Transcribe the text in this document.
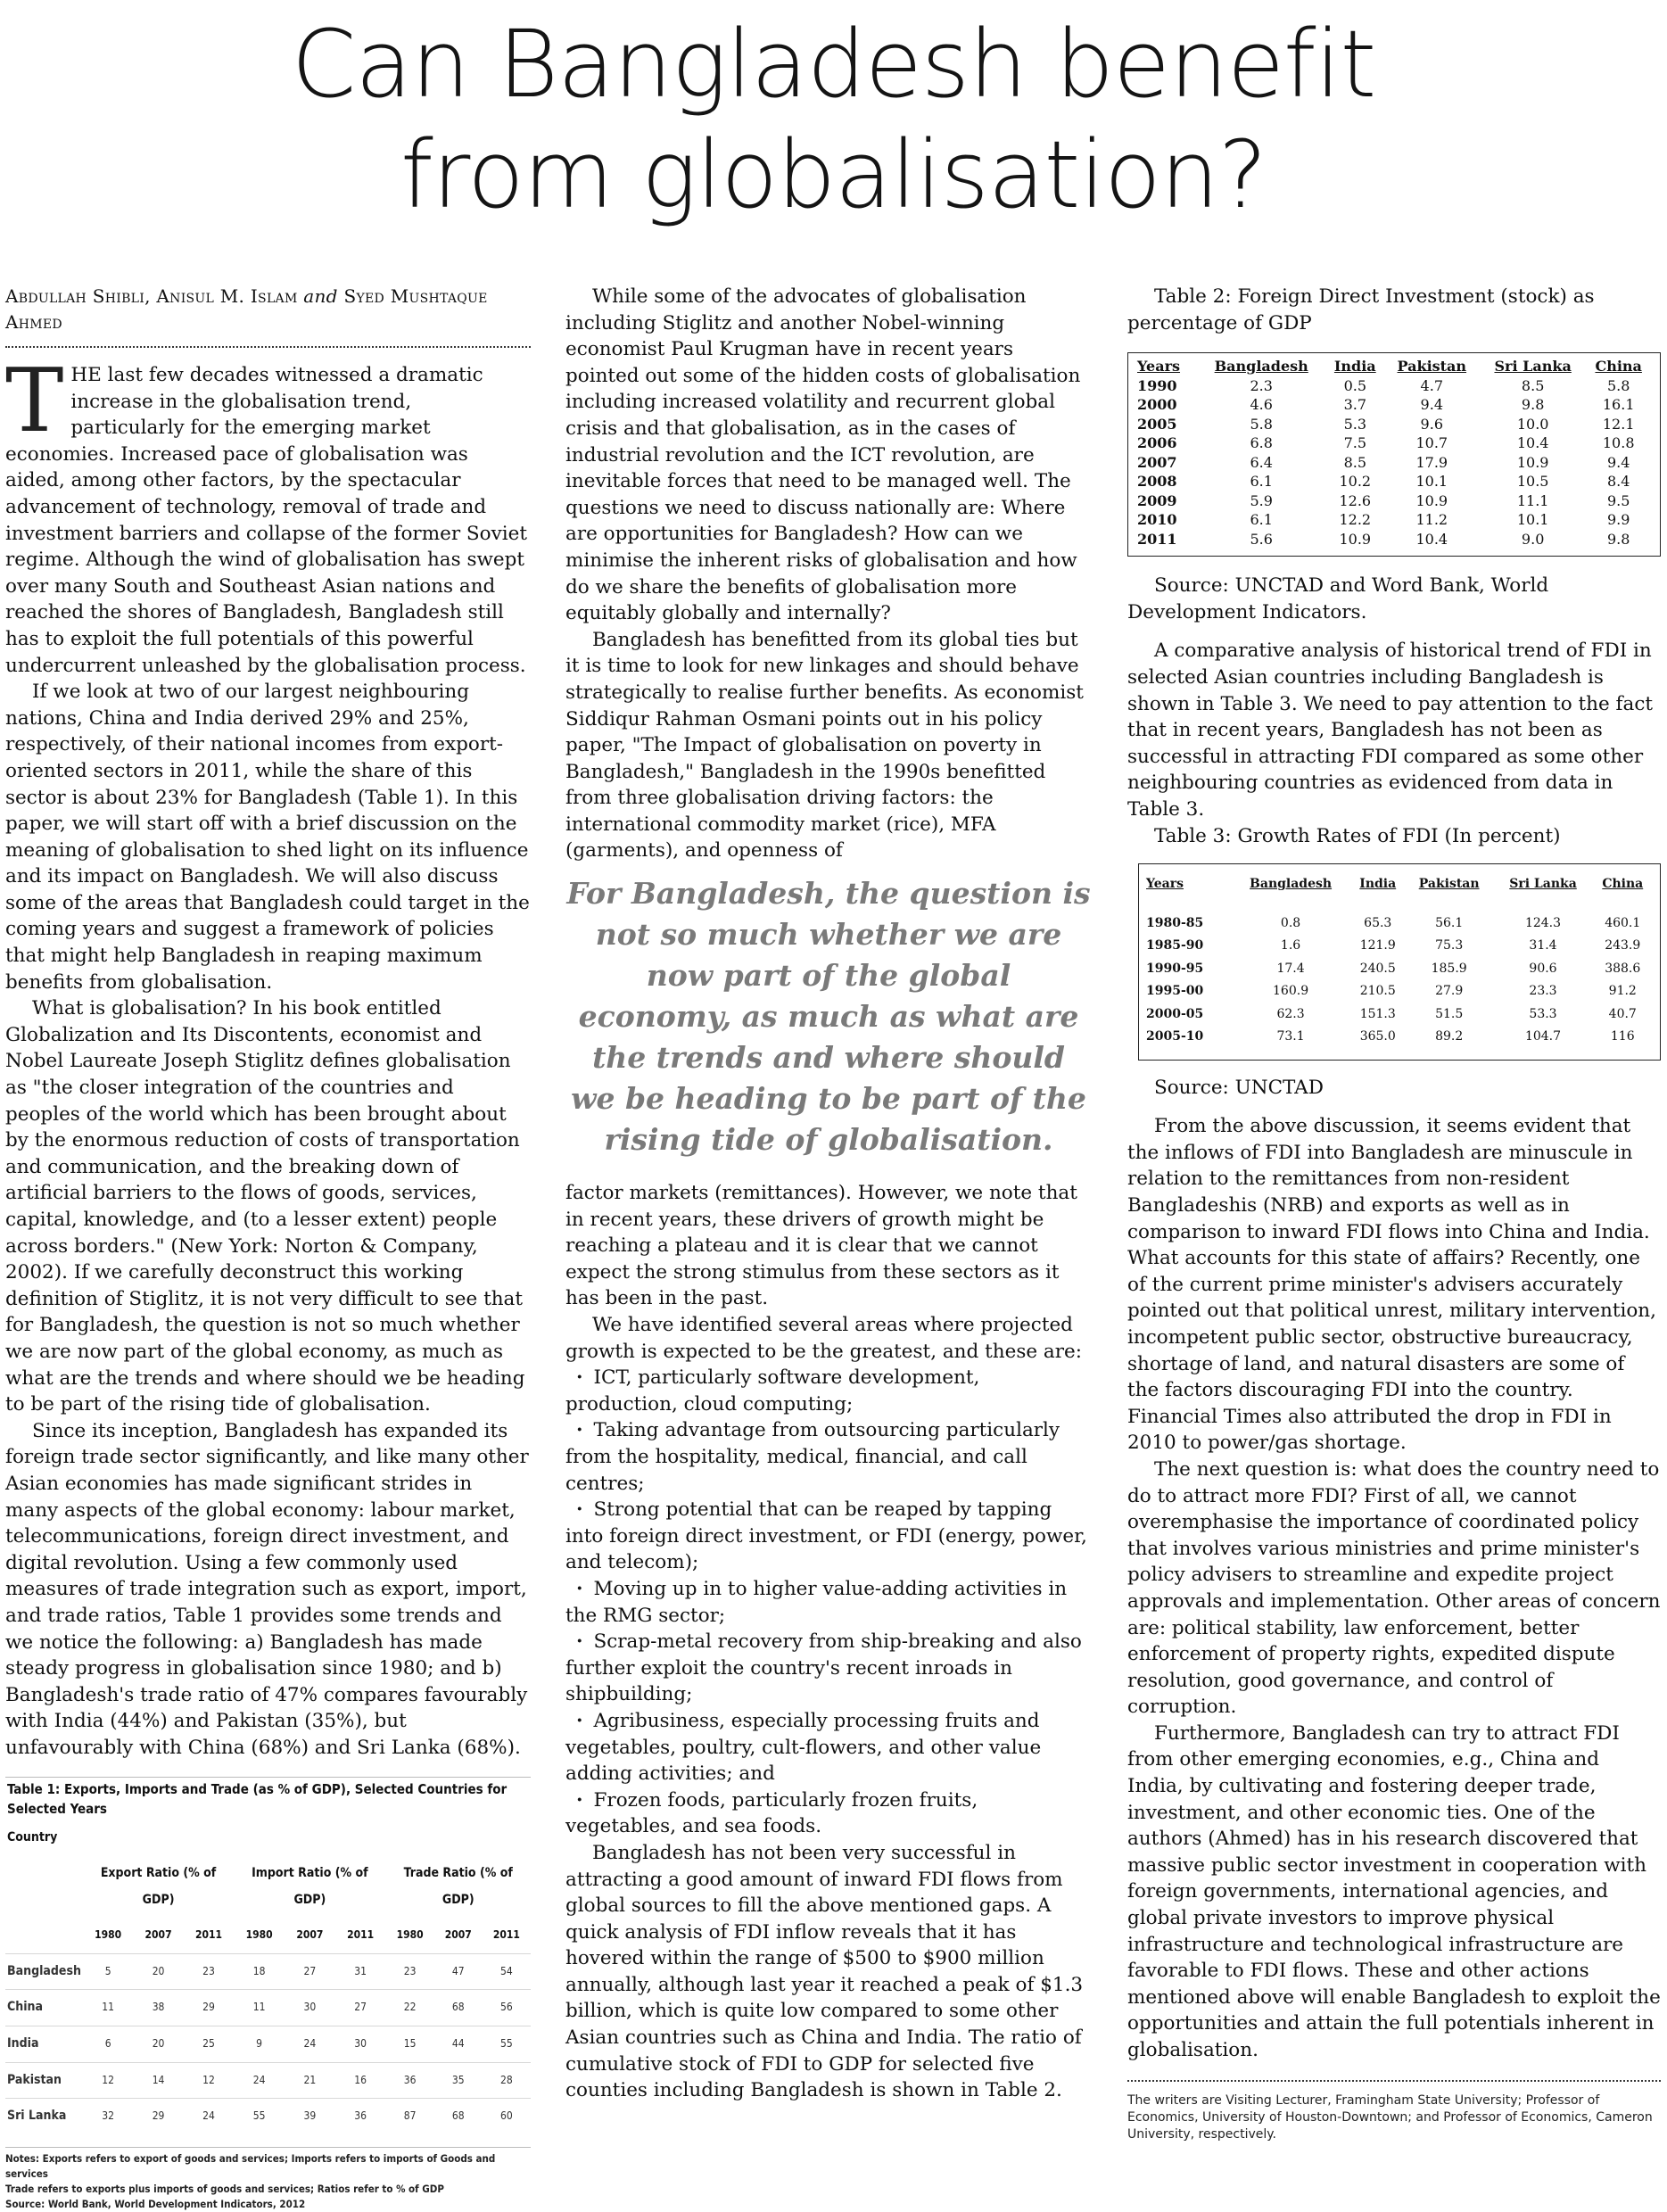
Can Bangladesh benefit
from globalisation?
Abdullah Shibli, Anisul M. Islam and Syed Mushtaque Ahmed

THE last few decades witnessed a dramatic increase in the globalisation trend, particularly for the emerging market economies. Increased pace of globalisation was aided, among other factors, by the spectacular advancement of technology, removal of trade and investment barriers and collapse of the former Soviet regime. Although the wind of globalisation has swept over many South and Southeast Asian nations and reached the shores of Bangladesh, Bangladesh still has to exploit the full potentials of this powerful undercurrent unleashed by the globalisation process.

If we look at two of our largest neighbouring nations, China and India derived 29% and 25%, respectively, of their national incomes from export-oriented sectors in 2011, while the share of this sector is about 23% for Bangladesh (Table 1). In this paper, we will start off with a brief discussion on the meaning of globalisation to shed light on its influence and its impact on Bangladesh. We will also discuss some of the areas that Bangladesh could target in the coming years and suggest a framework of policies that might help Bangladesh in reaping maximum benefits from globalisation.

What is globalisation? In his book entitled Globalization and Its Discontents, economist and Nobel Laureate Joseph Stiglitz defines globalisation as "the closer integration of the countries and peoples of the world which has been brought about by the enormous reduction of costs of transportation and communication, and the breaking down of artificial barriers to the flows of goods, services, capital, knowledge, and (to a lesser extent) people across borders." (New York: Norton & Company, 2002). If we carefully deconstruct this working definition of Stiglitz, it is not very difficult to see that for Bangladesh, the question is not so much whether we are now part of the global economy, as much as what are the trends and where should we be heading to be part of the rising tide of globalisation.

Since its inception, Bangladesh has expanded its foreign trade sector significantly, and like many other Asian economies has made significant strides in many aspects of the global economy: labour market, telecommunications, foreign direct investment, and digital revolution. Using a few commonly used measures of trade integration such as export, import, and trade ratios, Table 1 provides some trends and we notice the following: a) Bangladesh has made steady progress in globalisation since 1980; and b) Bangladesh's trade ratio of 47% compares favourably with India (44%) and Pakistan (35%), but unfavourably with China (68%) and Sri Lanka (68%).

Table 1: Exports, Imports and Trade (as % of GDP), Selected Countries for Selected Years
Country									
	Export Ratio (% of GDP)			Import Ratio (% of GDP)			Trade Ratio (% of GDP)		
	1980	2007	2011	1980	2007	2011	1980	2007	2011
Bangladesh	5	20	23	18	27	31	23	47	54
China	11	38	29	11	30	27	22	68	56
India	6	20	25	9	24	30	15	44	55
Pakistan	12	14	12	24	21	16	36	35	28
Sri Lanka	32	29	24	55	39	36	87	68	60
Notes: Exports refers to export of goods and services; Imports refers to imports of Goods and services
Trade refers to exports plus imports of goods and services; Ratios refer to % of GDP
Source: World Bank, World Development Indicators, 2012

While some of the advocates of globalisation including Stiglitz and another Nobel-winning economist Paul Krugman have in recent years pointed out some of the hidden costs of globalisation including increased volatility and recurrent global crisis and that globalisation, as in the cases of industrial revolution and the ICT revolution, are inevitable forces that need to be managed well. The questions we need to discuss nationally are: Where are opportunities for Bangladesh? How can we minimise the inherent risks of globalisation and how do we share the benefits of globalisation more equitably globally and internally?

Bangladesh has benefitted from its global ties but it is time to look for new linkages and should behave strategically to realise further benefits. As economist Siddiqur Rahman Osmani points out in his policy paper, "The Impact of globalisation on poverty in Bangladesh," Bangladesh in the 1990s benefitted from three globalisation driving factors: the international commodity market (rice), MFA (garments), and openness of

For Bangladesh, the question is not so much whether we are now part of the global economy, as much as what are the trends and where should we be heading to be part of the rising tide of globalisation.

factor markets (remittances). However, we note that in recent years, these drivers of growth might be reaching a plateau and it is clear that we cannot expect the strong stimulus from these sectors as it has been in the past.

We have identified several areas where projected growth is expected to be the greatest, and these are:

· ICT, particularly software development, production, cloud computing;

· Taking advantage from outsourcing particularly from the hospitality, medical, financial, and call centres;

· Strong potential that can be reaped by tapping into foreign direct investment, or FDI (energy, power, and telecom);

· Moving up in to higher value-adding activities in the RMG sector;

· Scrap-metal recovery from ship-breaking and also further exploit the country's recent inroads in shipbuilding;

· Agribusiness, especially processing fruits and vegetables, poultry, cult-flowers, and other value adding activities; and

· Frozen foods, particularly frozen fruits, vegetables, and sea foods.

Bangladesh has not been very successful in attracting a good amount of inward FDI flows from global sources to fill the above mentioned gaps. A quick analysis of FDI inflow reveals that it has hovered within the range of $500 to $900 million annually, although last year it reached a peak of $1.3 billion, which is quite low compared to some other Asian countries such as China and India. The ratio of cumulative stock of FDI to GDP for selected five counties including Bangladesh is shown in Table 2.

Table 2: Foreign Direct Investment (stock) as percentage of GDP

Years	Bangladesh	India	Pakistan	Sri Lanka	China
1990	2.3	0.5	4.7	8.5	5.8
2000	4.6	3.7	9.4	9.8	16.1
2005	5.8	5.3	9.6	10.0	12.1
2006	6.8	7.5	10.7	10.4	10.8
2007	6.4	8.5	17.9	10.9	9.4
2008	6.1	10.2	10.1	10.5	8.4
2009	5.9	12.6	10.9	11.1	9.5
2010	6.1	12.2	11.2	10.1	9.9
2011	5.6	10.9	10.4	9.0	9.8

Source: UNCTAD and Word Bank, World Development Indicators.

A comparative analysis of historical trend of FDI in selected Asian countries including Bangladesh is shown in Table 3. We need to pay attention to the fact that in recent years, Bangladesh has not been as successful in attracting FDI compared as some other neighbouring countries as evidenced from data in Table 3.

Table 3: Growth Rates of FDI (In percent)

Years	Bangladesh	India	Pakistan	Sri Lanka	China
1980-85	0.8	65.3	56.1	124.3	460.1
1985-90	1.6	121.9	75.3	31.4	243.9
1990-95	17.4	240.5	185.9	90.6	388.6
1995-00	160.9	210.5	27.9	23.3	91.2
2000-05	62.3	151.3	51.5	53.3	40.7
2005-10	73.1	365.0	89.2	104.7	116

Source: UNCTAD

From the above discussion, it seems evident that the inflows of FDI into Bangladesh are minuscule in relation to the remittances from non-resident Bangladeshis (NRB) and exports as well as in comparison to inward FDI flows into China and India. What accounts for this state of affairs? Recently, one of the current prime minister's advisers accurately pointed out that political unrest, military intervention, incompetent public sector, obstructive bureaucracy, shortage of land, and natural disasters are some of the factors discouraging FDI into the country. Financial Times also attributed the drop in FDI in 2010 to power/gas shortage.

The next question is: what does the country need to do to attract more FDI? First of all, we cannot overemphasise the importance of coordinated policy that involves various ministries and prime minister's policy advisers to streamline and expedite project approvals and implementation. Other areas of concern are: political stability, law enforcement, better enforcement of property rights, expedited dispute resolution, good governance, and control of corruption.

Furthermore, Bangladesh can try to attract FDI from other emerging economies, e.g., China and India, by cultivating and fostering deeper trade, investment, and other economic ties. One of the authors (Ahmed) has in his research discovered that massive public sector investment in cooperation with foreign governments, international agencies, and global private investors to improve physical infrastructure and technological infrastructure are favorable to FDI flows. These and other actions mentioned above will enable Bangladesh to exploit the opportunities and attain the full potentials inherent in globalisation.

The writers are Visiting Lecturer, Framingham State University; Professor of Economics, University of Houston-Downtown; and Professor of Economics, Cameron University, respectively.
